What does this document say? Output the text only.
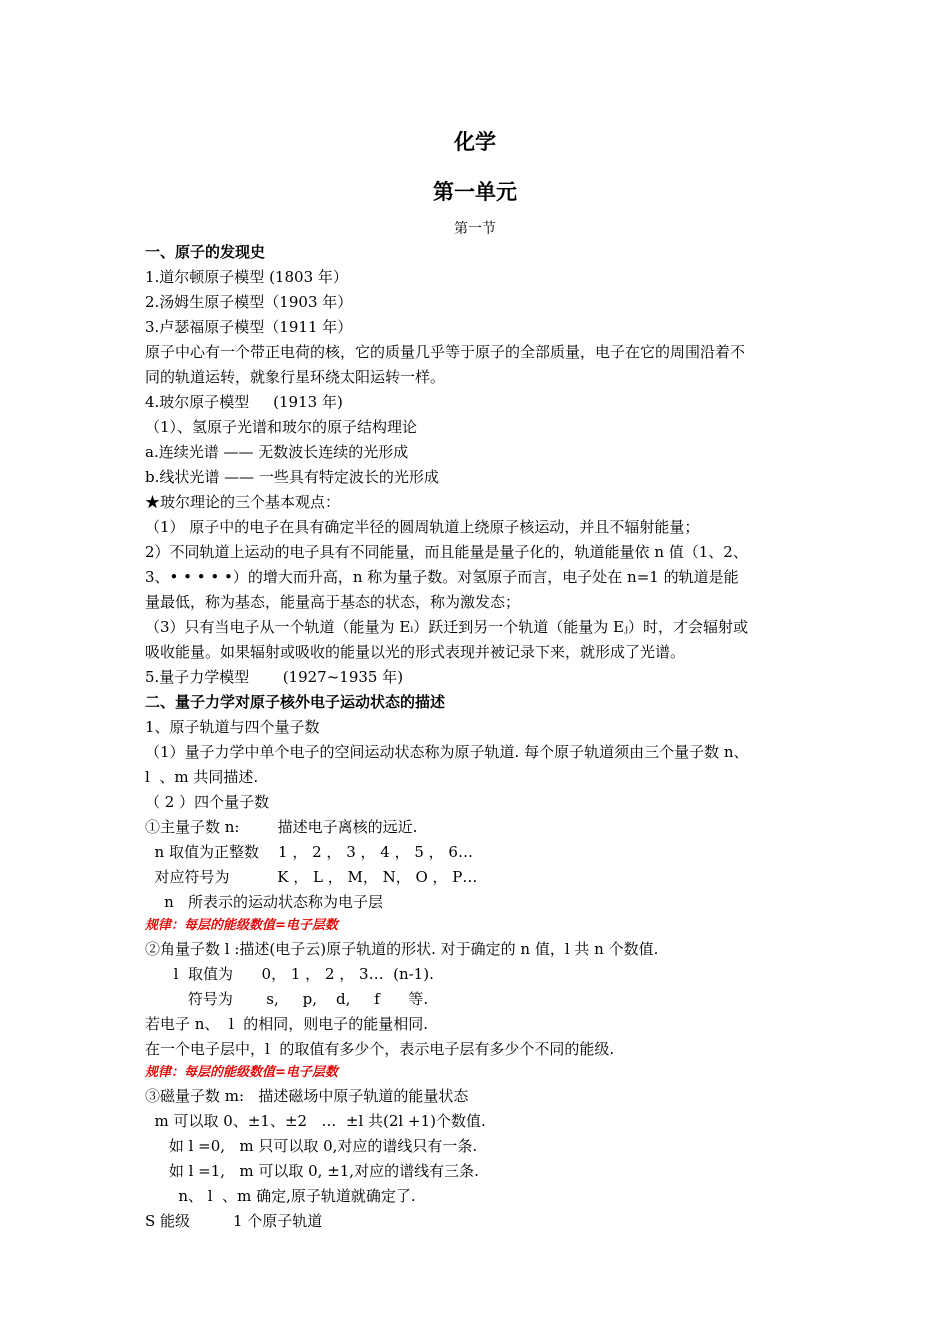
化学
第一单元
第一节
一、原子的发现史
1.道尔顿原子模型 (1803 年）
2.汤姆生原子模型（1903 年）
3.卢瑟福原子模型（1911 年）
原子中心有一个带正电荷的核，它的质量几乎等于原子的全部质量，电子在它的周围沿着不
同的轨道运转，就象行星环绕太阳运转一样。
4.玻尔原子模型     (1913 年)
（1）、氢原子光谱和玻尔的原子结构理论
a.连续光谱 —— 无数波长连续的光形成
b.线状光谱 —— 一些具有特定波长的光形成
★玻尔理论的三个基本观点：
（1） 原子中的电子在具有确定半径的圆周轨道上绕原子核运动，并且不辐射能量；
2）不同轨道上运动的电子具有不同能量，而且能量是量子化的，轨道能量依 n 值（1、2、
3、• • • • •）的增大而升高，n 称为量子数。对氢原子而言，电子处在 n=1 的轨道是能
量最低，称为基态，能量高于基态的状态，称为激发态；
（3）只有当电子从一个轨道（能量为 Eᵢ）跃迁到另一个轨道（能量为 Eⱼ）时，才会辐射或
吸收能量。如果辐射或吸收的能量以光的形式表现并被记录下来，就形成了光谱。
5.量子力学模型       (1927~1935 年)
二、量子力学对原子核外电子运动状态的描述
1、原子轨道与四个量子数
（1）量子力学中单个电子的空间运动状态称为原子轨道. 每个原子轨道须由三个量子数 n、
l  、m 共同描述.
（ 2 ）四个量子数
①主量子数 n:        描述电子离核的远近.
n 取值为正整数    1 ， 2 ， 3 ， 4 ， 5 ， 6…
对应符号为          K ， L ， M， N， O ， P…
n   所表示的运动状态称为电子层
规律：每层的能级数值=电子层数
②角量子数 l :描述(电子云)原子轨道的形状. 对于确定的 n 值，l 共 n 个数值.
l  取值为      0， 1 ， 2 ， 3…  (n-1).
符号为       s,     p,    d,     f      等.
若电子 n、  l  的相同，则电子的能量相同.
在一个电子层中，l  的取值有多少个，表示电子层有多少个不同的能级.
规律：每层的能级数值=电子层数
③磁量子数 m:   描述磁场中原子轨道的能量状态
m 可以取 0、±1、±2   …  ±l 共(2l +1)个数值.
如 l =0,   m 只可以取 0,对应的谱线只有一条.
如 l =1,   m 可以取 0, ±1,对应的谱线有三条.
n、 l  、m 确定,原子轨道就确定了.
S 能级         1 个原子轨道
